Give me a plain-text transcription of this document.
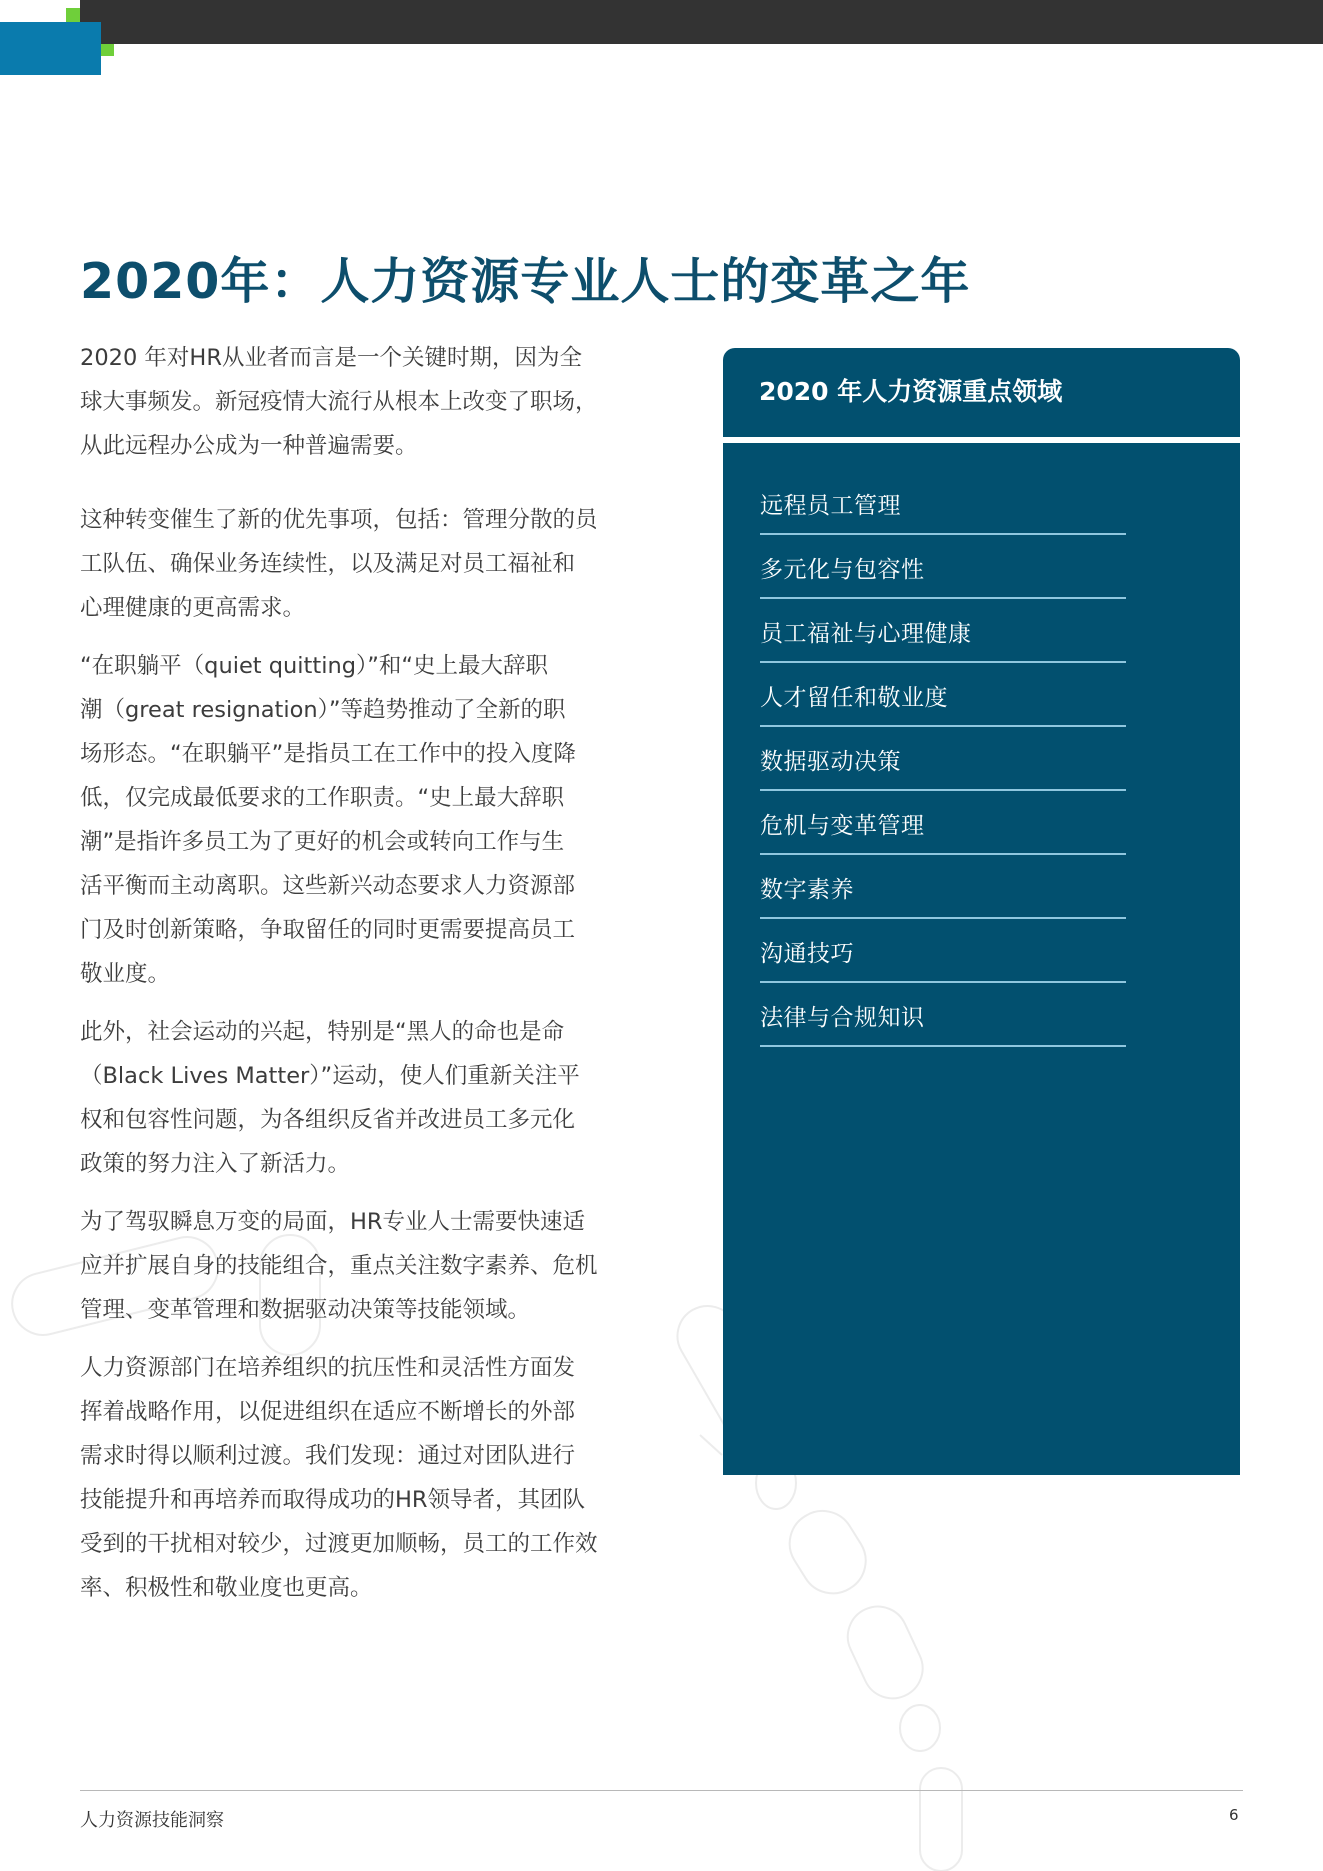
2020年：人力资源专业人士的变革之年

2020 年对HR从业者而言是一个关键时期，因为全
球大事频发。新冠疫情大流行从根本上改变了职场，
从此远程办公成为一种普遍需要。

这种转变催生了新的优先事项，包括：管理分散的员
工队伍、确保业务连续性，以及满足对员工福祉和
心理健康的更高需求。

“在职躺平（quiet quitting）”和“史上最大辞职
潮（great resignation）”等趋势推动了全新的职
场形态。“在职躺平”是指员工在工作中的投入度降
低，仅完成最低要求的工作职责。“史上最大辞职
潮”是指许多员工为了更好的机会或转向工作与生
活平衡而主动离职。这些新兴动态要求人力资源部
门及时创新策略，争取留任的同时更需要提高员工
敬业度。

此外，社会运动的兴起，特别是“黑人的命也是命
（Black Lives Matter）”运动，使人们重新关注平
权和包容性问题，为各组织反省并改进员工多元化
政策的努力注入了新活力。

为了驾驭瞬息万变的局面，HR专业人士需要快速适
应并扩展自身的技能组合，重点关注数字素养、危机
管理、变革管理和数据驱动决策等技能领域。

人力资源部门在培养组织的抗压性和灵活性方面发
挥着战略作用，以促进组织在适应不断增长的外部
需求时得以顺利过渡。我们发现：通过对团队进行
技能提升和再培养而取得成功的HR领导者，其团队
受到的干扰相对较少，过渡更加顺畅，员工的工作效
率、积极性和敬业度也更高。

2020 年人力资源重点领域
远程员工管理
多元化与包容性
员工福祉与心理健康
人才留任和敬业度
数据驱动决策
危机与变革管理
数字素养
沟通技巧
法律与合规知识
人力资源技能洞察	6
